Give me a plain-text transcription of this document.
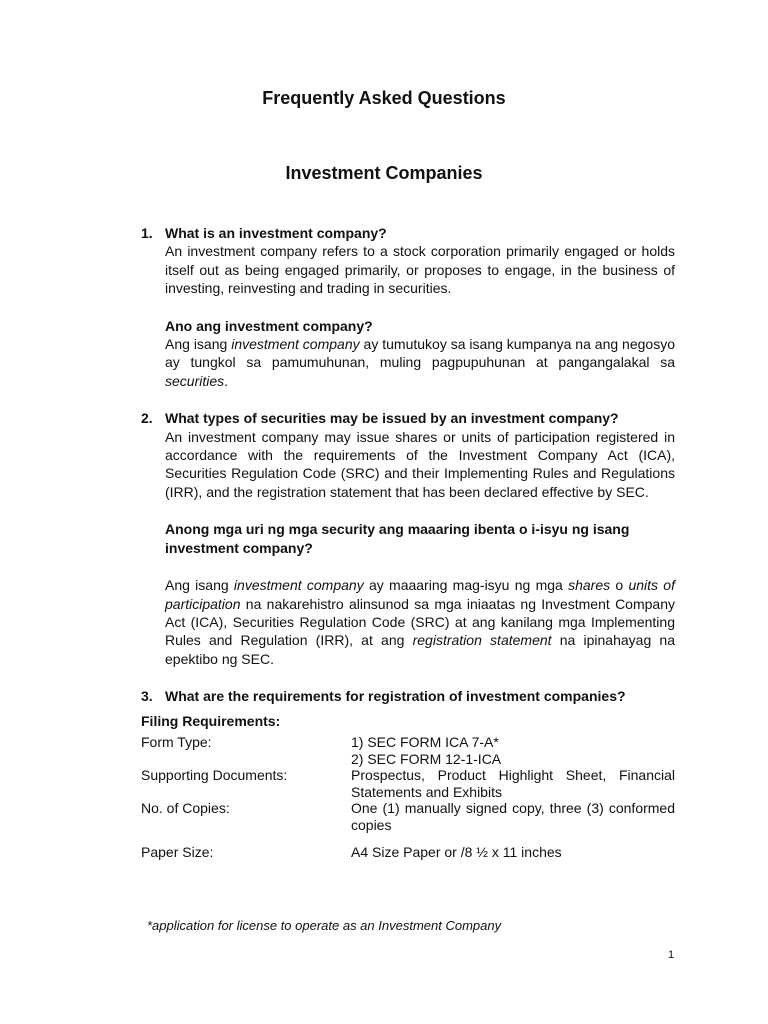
Frequently Asked Questions
Investment Companies
1. What is an investment company?

An investment company refers to a stock corporation primarily engaged or holds itself out as being engaged primarily, or proposes to engage, in the business of investing, reinvesting and trading in securities.

Ano ang investment company?

Ang isang investment company ay tumutukoy sa isang kumpanya na ang negosyo ay tungkol sa pamumuhunan, muling pagpupuhunan at pangangalakal sa securities.

2. What types of securities may be issued by an investment company?

An investment company may issue shares or units of participation registered in accordance with the requirements of the Investment Company Act (ICA), Securities Regulation Code (SRC) and their Implementing Rules and Regulations (IRR), and the registration statement that has been declared effective by SEC.

Anong mga uri ng mga security ang maaaring ibenta o i-isyu ng isang investment company?

Ang isang investment company ay maaaring mag-isyu ng mga shares o units of participation na nakarehistro alinsunod sa mga iniaatas ng Investment Company Act (ICA), Securities Regulation Code (SRC) at ang kanilang mga Implementing Rules and Regulation (IRR), at ang registration statement na ipinahayag na epektibo ng SEC.

3. What are the requirements for registration of investment companies?

Filing Requirements:

Form Type:	1) SEC FORM ICA 7-A*
2) SEC FORM 12-1-ICA

Supporting Documents:	Prospectus, Product Highlight Sheet, Financial Statements and Exhibits
No. of Copies:	One (1) manually signed copy, three (3) conformed copies
Paper Size:	A4 Size Paper or /8 ½ x 11 inches
*application for license to operate as an Investment Company
1
